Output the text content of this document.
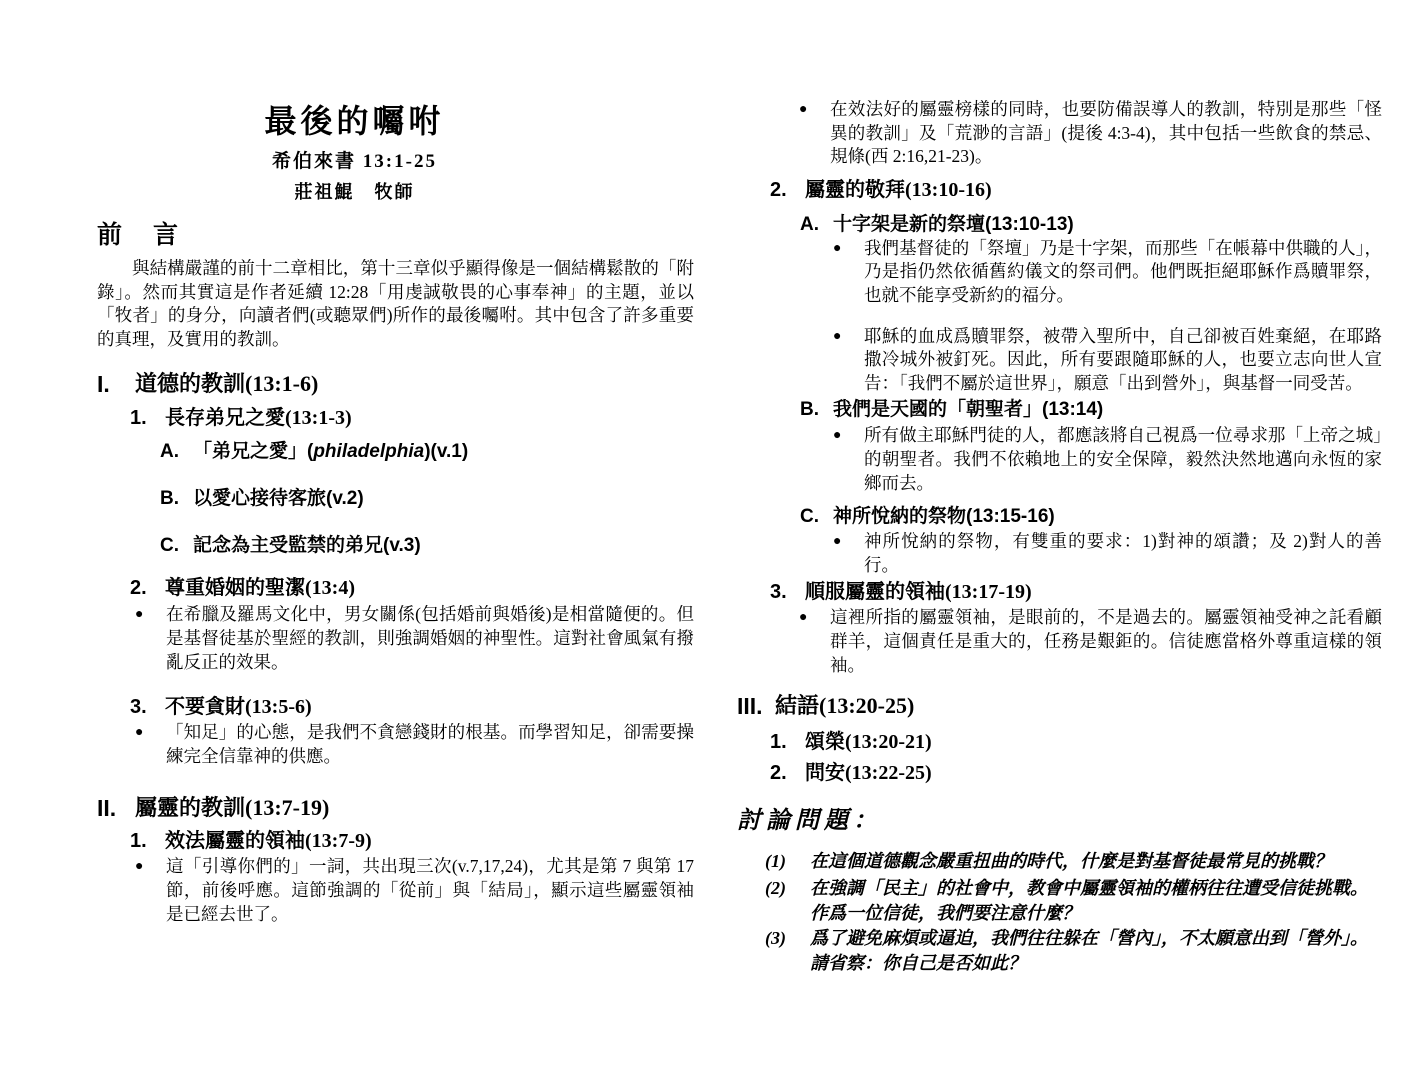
最後的囑咐
希伯來書 13:1-25
莊祖鯤　牧師
前　言

與結構嚴謹的前十二章相比，第十三章似乎顯得像是一個結構鬆散的「附錄」。然而其實這是作者延續 12:28「用虔誠敬畏的心事奉神」的主題，並以「牧者」的身分，向讀者們(或聽眾們)所作的最後囑咐。其中包含了許多重要的真理，及實用的教訓。

I.	道德的教訓(13:1-6)
1. 長存弟兄之愛(13:1-3)
A. 「弟兄之愛」(philadelphia)(v.1)
B. 以愛心接待客旅(v.2)
C. 記念為主受監禁的弟兄(v.3)
2. 尊重婚姻的聖潔(13:4)
●	在希臘及羅馬文化中，男女關係(包括婚前與婚後)是相當隨便的。但是基督徒基於聖經的教訓，則強調婚姻的神聖性。這對社會風氣有撥亂反正的效果。
3. 不要貪財(13:5-6)
●	「知足」的心態，是我們不貪戀錢財的根基。而學習知足，卻需要操練完全信靠神的供應。
II. 屬靈的教訓(13:7-19)
1. 效法屬靈的領袖(13:7-9)
●	這「引導你們的」一詞，共出現三次(v.7,17,24)，尤其是第 7 與第 17 節，前後呼應。這節強調的「從前」與「結局」，顯示這些屬靈領袖是已經去世了。
●	在效法好的屬靈榜樣的同時，也要防備誤導人的教訓，特別是那些「怪異的教訓」及「荒渺的言語」(提後 4:3-4)，其中包括一些飲食的禁忌、規條(西 2:16,21-23)。
2. 屬靈的敬拜(13:10-16)
A. 十字架是新的祭壇(13:10-13)
●	我們基督徒的「祭壇」乃是十字架，而那些「在帳幕中供職的人」，乃是指仍然依循舊約儀文的祭司們。他們既拒絕耶穌作爲贖罪祭，也就不能享受新約的福分。
●	耶穌的血成爲贖罪祭，被帶入聖所中，自己卻被百姓棄絕，在耶路撒冷城外被釘死。因此，所有要跟隨耶穌的人，也要立志向世人宣告：「我們不屬於這世界」，願意「出到營外」，與基督一同受苦。
B. 我們是天國的「朝聖者」(13:14)
●	所有做主耶穌門徒的人，都應該將自己視爲一位尋求那「上帝之城」的朝聖者。我們不依賴地上的安全保障，毅然決然地邁向永恆的家鄉而去。
C. 神所悅納的祭物(13:15-16)
●	神所悅納的祭物，有雙重的要求：1)對神的頌讚；及 2)對人的善行。
3. 順服屬靈的領袖(13:17-19)
●	這裡所指的屬靈領袖，是眼前的，不是過去的。屬靈領袖受神之託看顧群羊，這個責任是重大的，任務是艱鉅的。信徒應當格外尊重這樣的領袖。
III. 結語(13:20-25)
1. 頌榮(13:20-21)
2. 問安(13:22-25)
討論問題：
(1)	在這個道德觀念嚴重扭曲的時代，什麼是對基督徒最常見的挑戰？
(2)	在強調「民主」的社會中，教會中屬靈領袖的權柄往往遭受信徒挑戰。作爲一位信徒，我們要注意什麼？
(3)	爲了避免麻煩或逼迫，我們往往躲在「營內」，不太願意出到「營外」。請省察：你自己是否如此？
